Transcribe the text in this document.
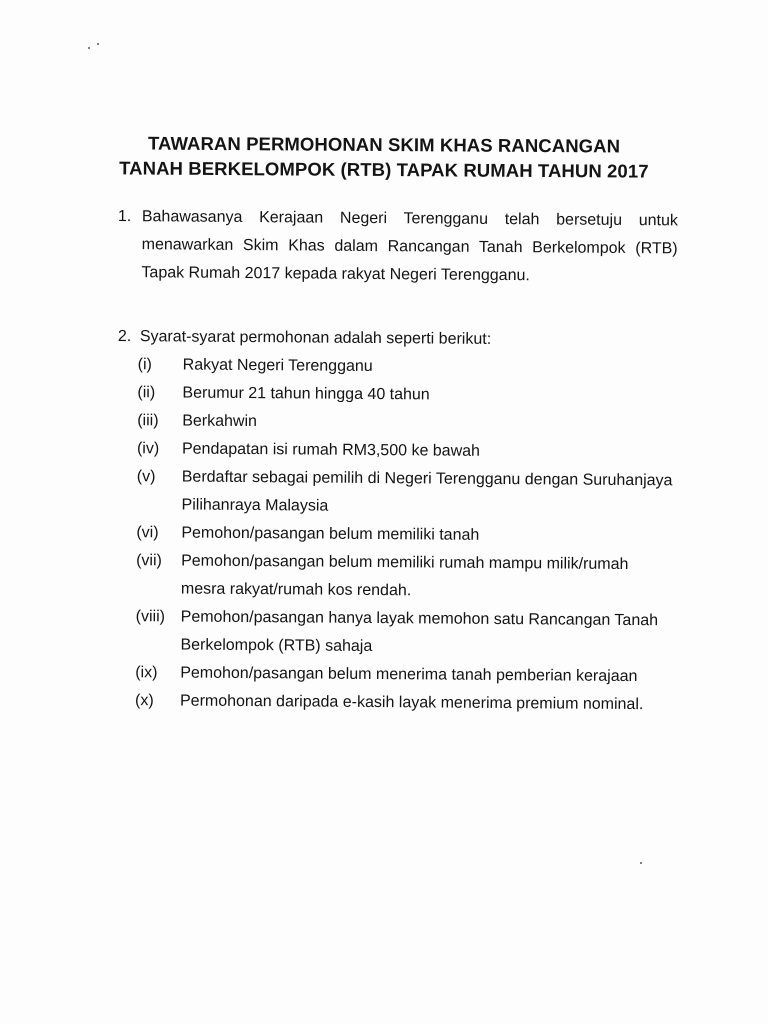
TAWARAN PERMOHONAN SKIM KHAS RANCANGAN
TANAH BERKELOMPOK (RTB) TAPAK RUMAH TAHUN 2017
1. Bahawasanya Kerajaan Negeri Terengganu telah bersetuju untuk menawarkan Skim Khas dalam Rancangan Tanah Berkelompok (RTB) Tapak Rumah 2017 kepada rakyat Negeri Terengganu.
2. Syarat-syarat permohonan adalah seperti berikut:
(i)	Rakyat Negeri Terengganu
(ii)	Berumur 21 tahun hingga 40 tahun
(iii)	Berkahwin
(iv)	Pendapatan isi rumah RM3,500 ke bawah
(v)	Berdaftar sebagai pemilih di Negeri Terengganu dengan Suruhanjaya Pilihanraya Malaysia
(vi)	Pemohon/pasangan belum memiliki tanah
(vii)	Pemohon/pasangan belum memiliki rumah mampu milik/rumah mesra rakyat/rumah kos rendah.
(viii) Pemohon/pasangan hanya layak memohon satu Rancangan Tanah Berkelompok (RTB) sahaja
(ix)	Pemohon/pasangan belum menerima tanah pemberian kerajaan
(x)	Permohonan daripada e-kasih layak menerima premium nominal.
